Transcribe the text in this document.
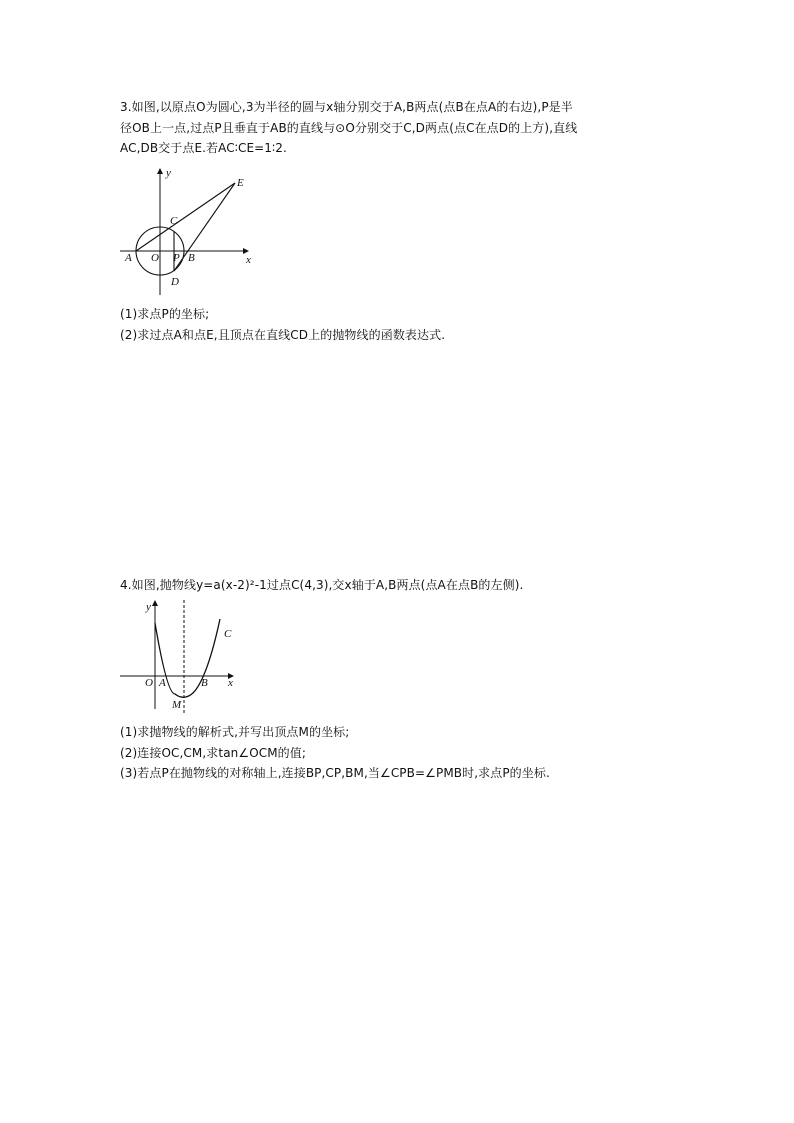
3.如图,以原点O为圆心,3为半径的圆与x轴分别交于A,B两点(点B在点A的右边),P是半
径OB上一点,过点P且垂直于AB的直线与⊙O分别交于C,D两点(点C在点D的上方),直线
AC,DB交于点E.若AC∶CE=1∶2.
y
x
E
C
A O P B
D
(1)求点P的坐标;
(2)求过点A和点E,且顶点在直线CD上的抛物线的函数表达式.
4.如图,抛物线y=a(x-2)²-1过点C(4,3),交x轴于A,B两点(点A在点B的左侧).
y
x
C
O A	B
M
(1)求抛物线的解析式,并写出顶点M的坐标;
(2)连接OC,CM,求tan∠OCM的值;
(3)若点P在抛物线的对称轴上,连接BP,CP,BM,当∠CPB=∠PMB时,求点P的坐标.
